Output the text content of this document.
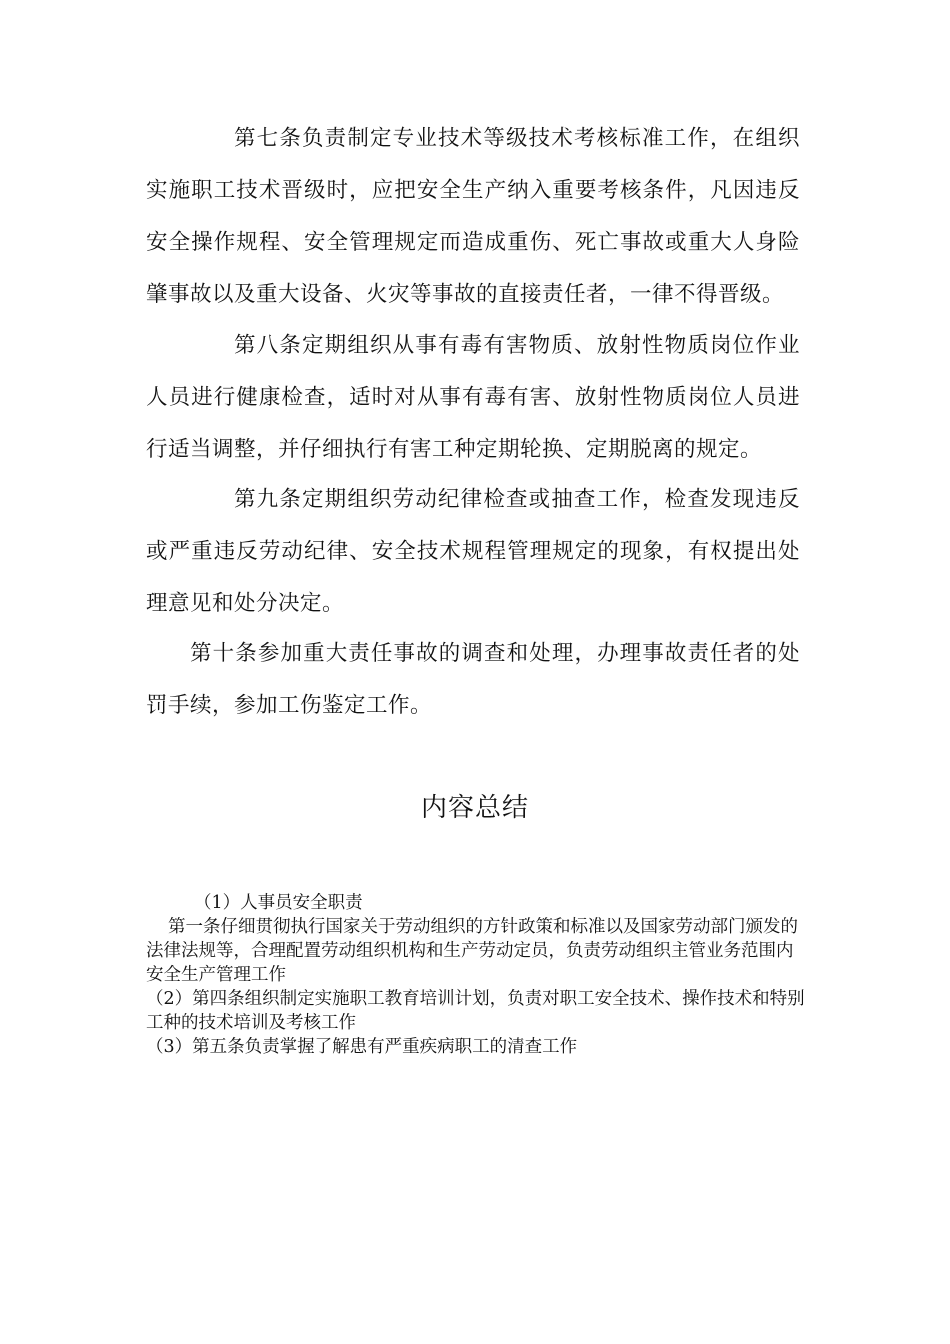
第七条负责制定专业技术等级技术考核标准工作，在组织实施职工技术晋级时，应把安全生产纳入重要考核条件，凡因违反安全操作规程、安全管理规定而造成重伤、死亡事故或重大人身险肇事故以及重大设备、火灾等事故的直接责任者，一律不得晋级。

第八条定期组织从事有毒有害物质、放射性物质岗位作业人员进行健康检查，适时对从事有毒有害、放射性物质岗位人员进行适当调整，并仔细执行有害工种定期轮换、定期脱离的规定。

第九条定期组织劳动纪律检查或抽查工作，检查发现违反或严重违反劳动纪律、安全技术规程管理规定的现象，有权提出处理意见和处分决定。

第十条参加重大责任事故的调查和处理，办理事故责任者的处罚手续，参加工伤鉴定工作。

内容总结

（1）人事员安全职责

第一条仔细贯彻执行国家关于劳动组织的方针政策和标准以及国家劳动部门颁发的法律法规等，合理配置劳动组织机构和生产劳动定员，负责劳动组织主管业务范围内安全生产管理工作

（2）第四条组织制定实施职工教育培训计划，负责对职工安全技术、操作技术和特别工种的技术培训及考核工作

（3）第五条负责掌握了解患有严重疾病职工的清查工作
